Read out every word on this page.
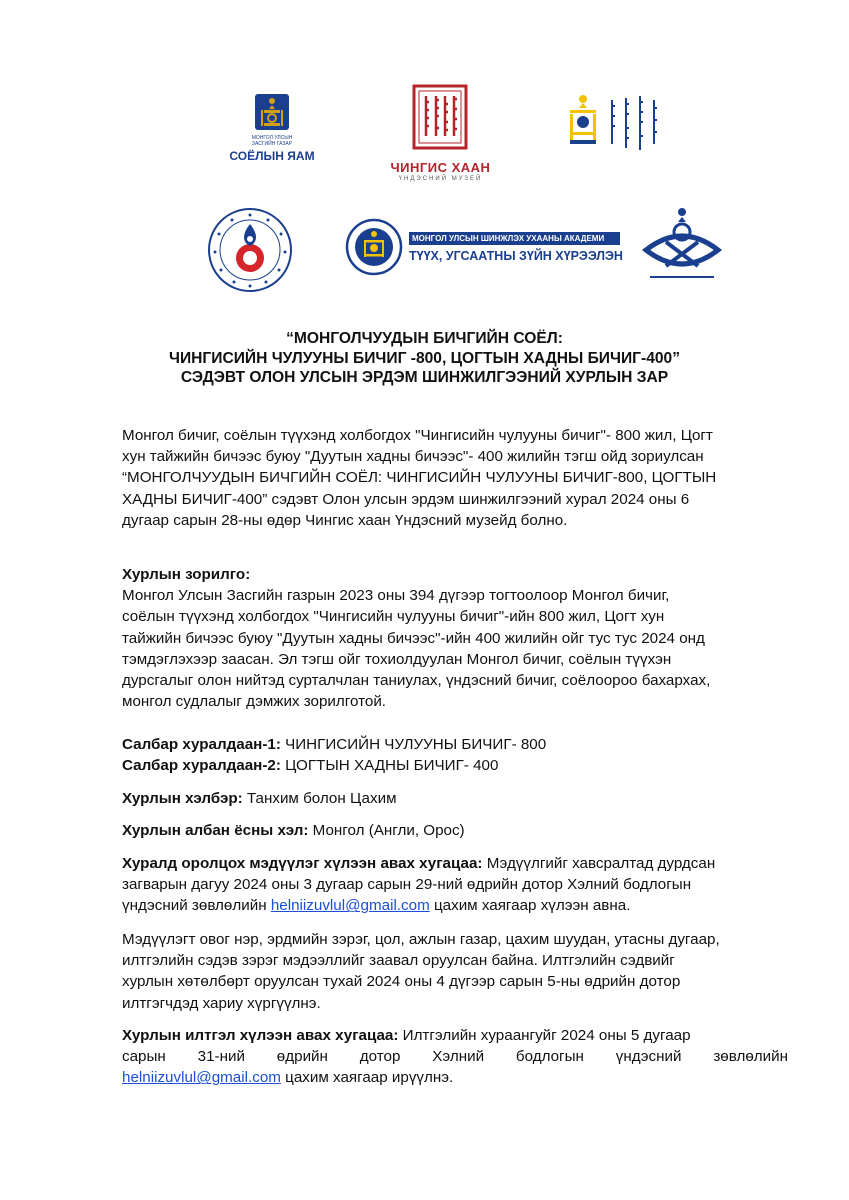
МОНГОЛ УЛСЫН
ЗАСГИЙН ГАЗАР
СОЁЛЫН ЯАМ
ЧИНГИС ХААН
ҮНДЭСНИЙ МУЗЕЙ
МОНГОЛ УЛСЫН ШИНЖЛЭХ УХААНЫ АКАДЕМИ
ТҮҮХ, УГСААТНЫ ЗҮЙН ХҮРЭЭЛЭН
“МОНГОЛЧУУДЫН БИЧГИЙН СОЁЛ:
ЧИНГИСИЙН ЧУЛУУНЫ БИЧИГ -800, ЦОГТЫН ХАДНЫ БИЧИГ-400”
СЭДЭВТ ОЛОН УЛСЫН ЭРДЭМ ШИНЖИЛГЭЭНИЙ ХУРЛЫН ЗАР
Монгол бичиг, соёлын түүхэнд холбогдох "Чингисийн чулууны бичиг"- 800 жил, Цогт
хун тайжийн бичээс буюу "Дуутын хадны бичээс"- 400 жилийн тэгш ойд зориулсан
“МОНГОЛЧУУДЫН БИЧГИЙН СОЁЛ: ЧИНГИСИЙН ЧУЛУУНЫ БИЧИГ-800, ЦОГТЫН
ХАДНЫ БИЧИГ-400” сэдэвт Олон улсын эрдэм шинжилгээний хурал 2024 оны 6
дугаар сарын 28-ны өдөр Чингис хаан Үндэсний музейд болно.
Хурлын зорилго:
Монгол Улсын Засгийн газрын 2023 оны 394 дүгээр тогтоолоор Монгол бичиг,
соёлын түүхэнд холбогдох "Чингисийн чулууны бичиг"-ийн 800 жил, Цогт хун
тайжийн бичээс буюу "Дуутын хадны бичээс"-ийн 400 жилийн ойг тус тус 2024 онд
тэмдэглэхээр заасан. Эл тэгш ойг тохиолдуулан Монгол бичиг, соёлын түүхэн
дурсгалыг олон нийтэд сурталчлан таниулах, үндэсний бичиг, соёлоороо бахархах,
монгол судлалыг дэмжих зорилготой.
Салбар хуралдаан-1: ЧИНГИСИЙН ЧУЛУУНЫ БИЧИГ- 800
Салбар хуралдаан-2: ЦОГТЫН ХАДНЫ БИЧИГ- 400
Хурлын хэлбэр: Танхим болон Цахим
Хурлын албан ёсны хэл: Монгол (Англи, Орос)
Хуралд оролцох мэдүүлэг хүлээн авах хугацаа: Мэдүүлгийг хавсралтад дурдсан
загварын дагуу 2024 оны 3 дугаар сарын 29-ний өдрийн дотор Хэлний бодлогын
үндэсний зөвлөлийн helniizuvlul@gmail.com цахим хаягаар хүлээн авна.
Мэдүүлэгт овог нэр, эрдмийн зэрэг, цол, ажлын газар, цахим шуудан, утасны дугаар,
илтгэлийн сэдэв зэрэг мэдээллийг заавал оруулсан байна. Илтгэлийн сэдвийг
хурлын хөтөлбөрт оруулсан тухай 2024 оны 4 дүгээр сарын 5-ны өдрийн дотор
илтгэгчдэд хариу хүргүүлнэ.
Хурлын илтгэл хүлээн авах хугацаа: Илтгэлийн хураангуйг 2024 оны 5 дугаар
сарын 31-ний өдрийн дотор Хэлний бодлогын үндэсний зөвлөлийн
helniizuvlul@gmail.com цахим хаягаар ирүүлнэ.
